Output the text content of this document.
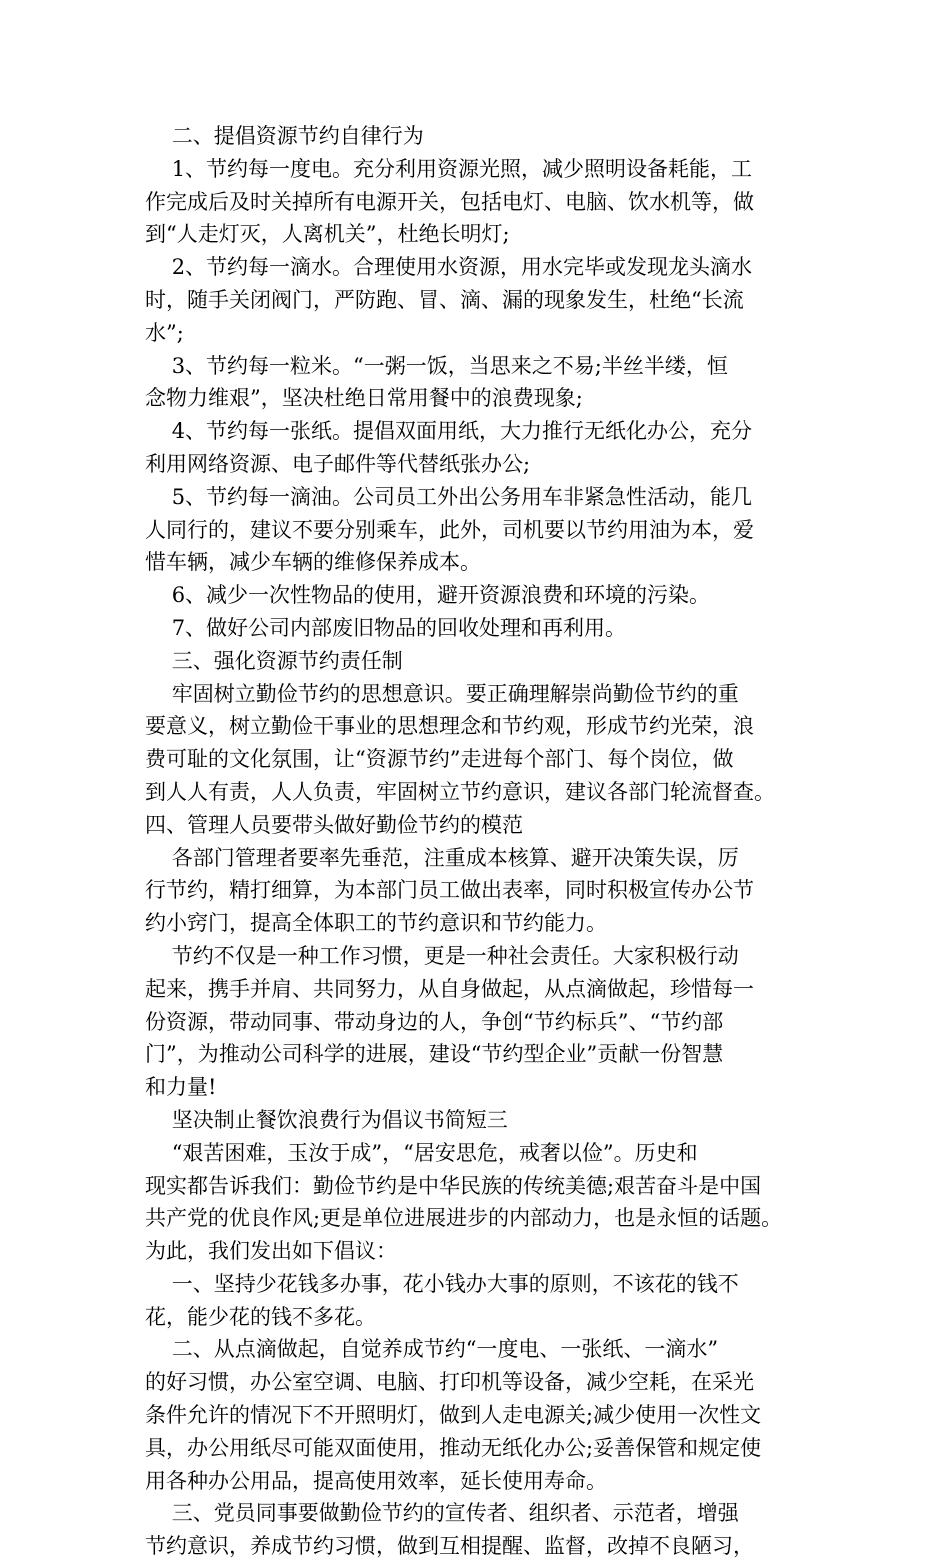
二、提倡资源节约自律行为
1、节约每一度电。充分利用资源光照，减少照明设备耗能，工
作完成后及时关掉所有电源开关，包括电灯、电脑、饮水机等，做
到“人走灯灭，人离机关”，杜绝长明灯;
2、节约每一滴水。合理使用水资源，用水完毕或发现龙头滴水
时，随手关闭阀门，严防跑、冒、滴、漏的现象发生，杜绝“长流
水”;
3、节约每一粒米。“一粥一饭，当思来之不易;半丝半缕，恒
念物力维艰”，坚决杜绝日常用餐中的浪费现象;
4、节约每一张纸。提倡双面用纸，大力推行无纸化办公，充分
利用网络资源、电子邮件等代替纸张办公;
5、节约每一滴油。公司员工外出公务用车非紧急性活动，能几
人同行的，建议不要分别乘车，此外，司机要以节约用油为本，爱
惜车辆，减少车辆的维修保养成本。
6、减少一次性物品的使用，避开资源浪费和环境的污染。
7、做好公司内部废旧物品的回收处理和再利用。
三、强化资源节约责任制
牢固树立勤俭节约的思想意识。要正确理解崇尚勤俭节约的重
要意义，树立勤俭干事业的思想理念和节约观，形成节约光荣，浪
费可耻的文化氛围，让“资源节约”走进每个部门、每个岗位，做
到人人有责，人人负责，牢固树立节约意识，建议各部门轮流督查。
四、管理人员要带头做好勤俭节约的模范
各部门管理者要率先垂范，注重成本核算、避开决策失误，厉
行节约，精打细算，为本部门员工做出表率，同时积极宣传办公节
约小窍门，提高全体职工的节约意识和节约能力。
节约不仅是一种工作习惯，更是一种社会责任。大家积极行动
起来，携手并肩、共同努力，从自身做起，从点滴做起，珍惜每一
份资源，带动同事、带动身边的人，争创“节约标兵”、“节约部
门”，为推动公司科学的进展，建设“节约型企业”贡献一份智慧
和力量!
坚决制止餐饮浪费行为倡议书简短三
“艰苦困难，玉汝于成”，“居安思危，戒奢以俭”。历史和
现实都告诉我们：勤俭节约是中华民族的传统美德;艰苦奋斗是中国
共产党的优良作风;更是单位进展进步的内部动力，也是永恒的话题。
为此，我们发出如下倡议：
一、坚持少花钱多办事，花小钱办大事的原则，不该花的钱不
花，能少花的钱不多花。
二、从点滴做起，自觉养成节约“一度电、一张纸、一滴水”
的好习惯，办公室空调、电脑、打印机等设备，减少空耗，在采光
条件允许的情况下不开照明灯，做到人走电源关;减少使用一次性文
具，办公用纸尽可能双面使用，推动无纸化办公;妥善保管和规定使
用各种办公用品，提高使用效率，延长使用寿命。
三、党员同事要做勤俭节约的宣传者、组织者、示范者，增强
节约意识，养成节约习惯，做到互相提醒、监督，改掉不良陋习，
